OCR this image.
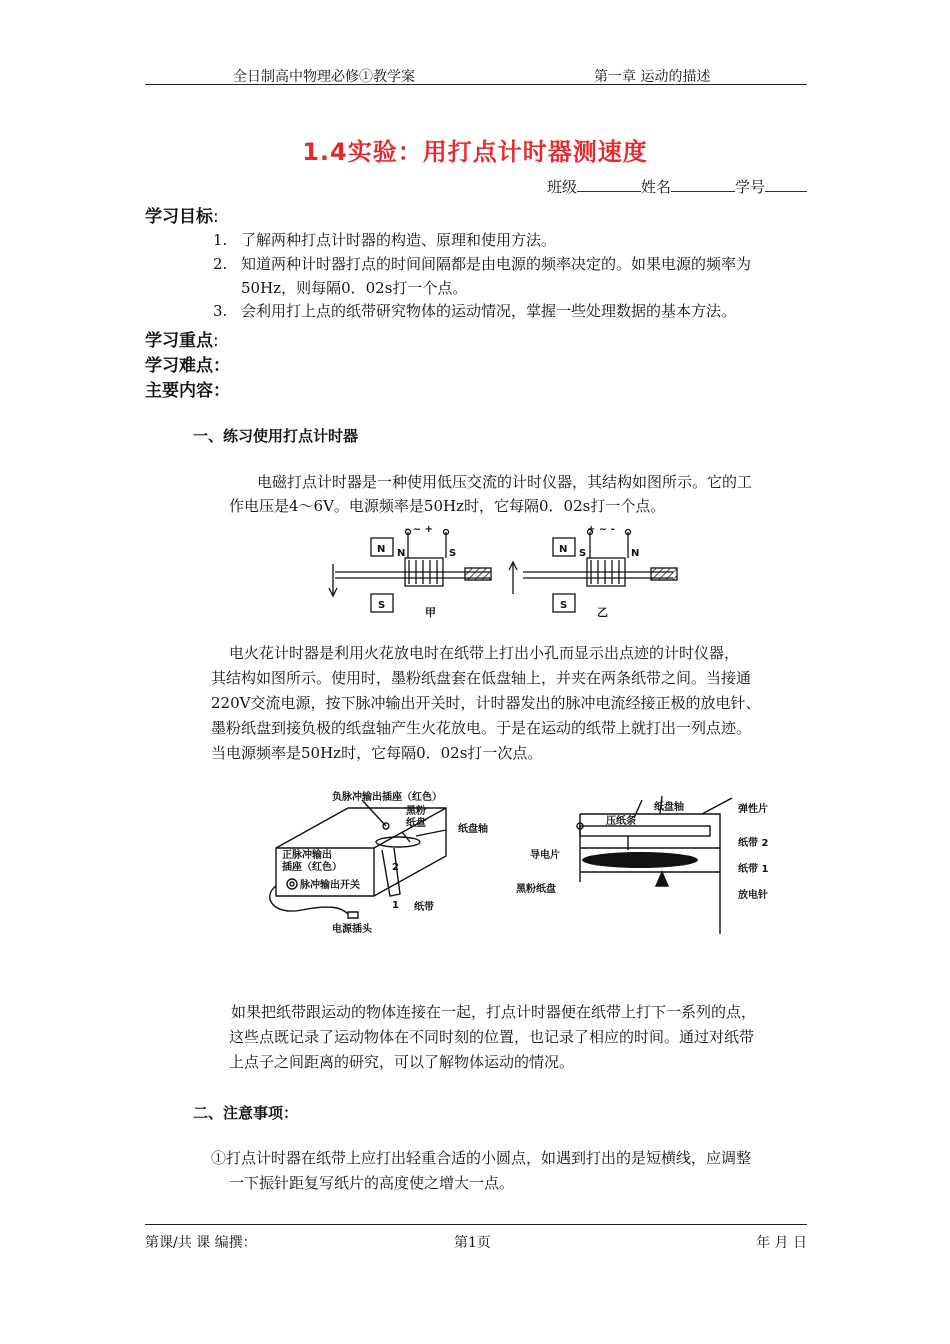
全日制高中物理必修①教学案	第一章 运动的描述
1.4实验：用打点计时器测速度
班级	姓名	学号
学习目标:
1. 了解两种打点计时器的构造、原理和使用方法。
2. 知道两种计时器打点的时间间隔都是由电源的频率决定的。如果电源的频率为
50Hz，则每隔0．02s打一个点。
3. 会利用打上点的纸带研究物体的运动情况，掌握一些处理数据的基本方法。
学习重点:
学习难点：
主要内容：
一、练习使用打点计时器
电磁打点计时器是一种使用低压交流的计时仪器，其结构如图所示。它的工
作电压是4～6V。电源频率是50Hz时，它每隔0．02s打一个点。
N
S
N	S
- ~ +
N
S
S	N
+ ~ -
甲	乙
电火花计时器是利用火花放电时在纸带上打出小孔而显示出点迹的计时仪器，
其结构如图所示。使用时，墨粉纸盘套在低盘轴上，并夹在两条纸带之间。当接通
220V交流电源，按下脉冲输出开关时，计时器发出的脉冲电流经接正极的放电针、
墨粉纸盘到接负极的纸盘轴产生火花放电。于是在运动的纸带上就打出一列点迹。
当电源频率是50Hz时，它每隔0．02s打一次点。
负脉冲输出插座（红色）
黑粉
纸盘
纸盘轴
正脉冲输出
插座（红色）
脉冲输出开关
2
1 纸带
电源插头
压纸条
纸盘轴	弹性片
导电片
纸带 2
纸带 1
黑粉纸盘
放电针
如果把纸带跟运动的物体连接在一起，打点计时器便在纸带上打下一系列的点，
这些点既记录了运动物体在不同时刻的位置，也记录了相应的时间。通过对纸带
上点子之间距离的研究，可以了解物体运动的情况。
二、注意事项：
①打点计时器在纸带上应打出轻重合适的小圆点，如遇到打出的是短横线，应调整
一下振针距复写纸片的高度使之增大一点。
第课/共 课 编撰：	第1页	年 月 日
